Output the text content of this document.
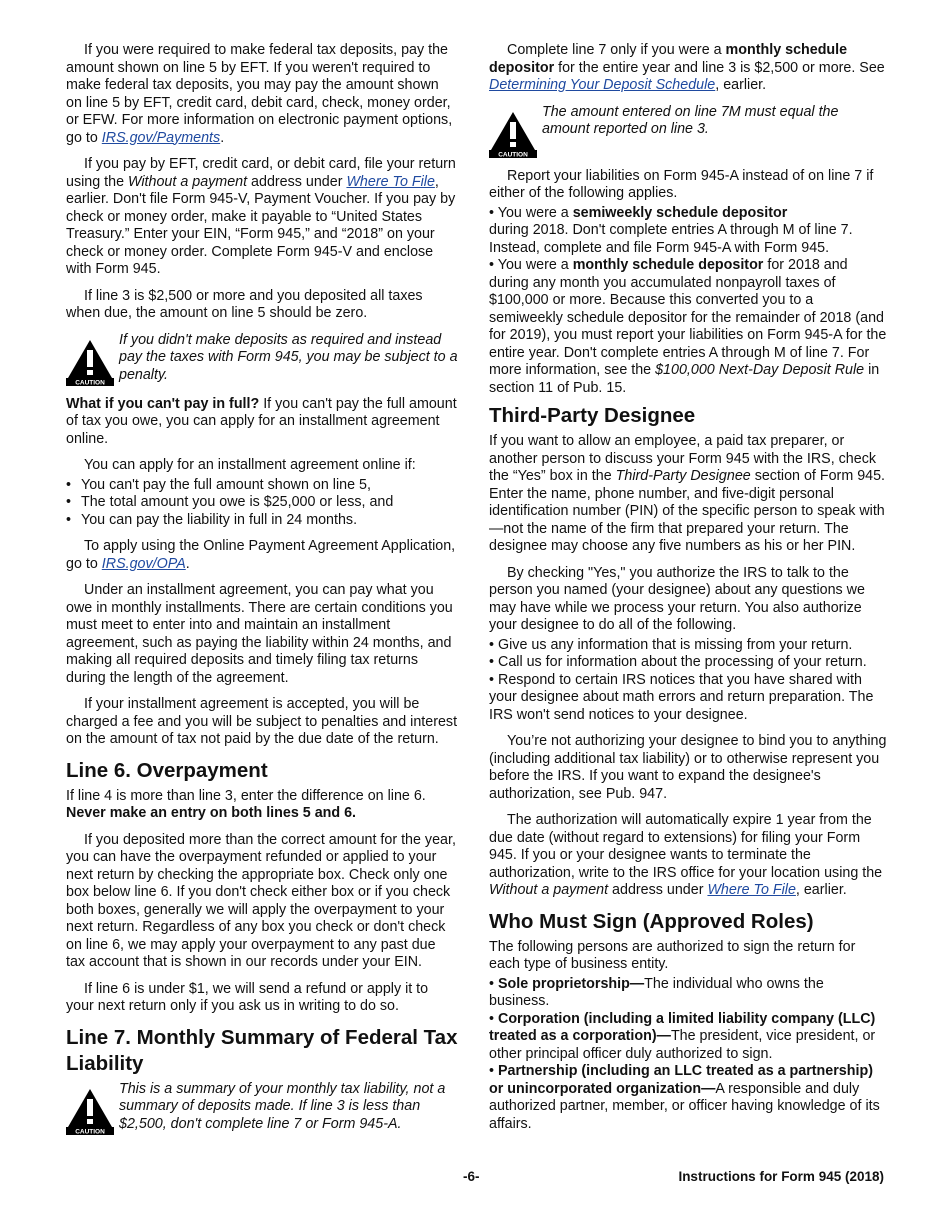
If you were required to make federal tax deposits, pay the amount shown on line 5 by EFT. If you weren't required to make federal tax deposits, you may pay the amount shown on line 5 by EFT, credit card, debit card, check, money order, or EFW. For more information on electronic payment options, go to IRS.gov/Payments.

If you pay by EFT, credit card, or debit card, file your return using the Without a payment address under Where To File, earlier. Don't file Form 945-V, Payment Voucher. If you pay by check or money order, make it payable to “United States Treasury.” Enter your EIN, “Form 945,” and “2018” on your check or money order. Complete Form 945-V and enclose with Form 945.

If line 3 is $2,500 or more and you deposited all taxes when due, the amount on line 5 should be zero.

CAUTION
If you didn't make deposits as required and instead pay the taxes with Form 945, you may be subject to a penalty.

What if you can't pay in full? If you can't pay the full amount of tax you owe, you can apply for an installment agreement online.

You can apply for an installment agreement online if:

• You can't pay the full amount shown on line 5,
• The total amount you owe is $25,000 or less, and
• You can pay the liability in full in 24 months.

To apply using the Online Payment Agreement Application, go to IRS.gov/OPA.

Under an installment agreement, you can pay what you owe in monthly installments. There are certain conditions you must meet to enter into and maintain an installment agreement, such as paying the liability within 24 months, and making all required deposits and timely filing tax returns during the length of the agreement.

If your installment agreement is accepted, you will be charged a fee and you will be subject to penalties and interest on the amount of tax not paid by the due date of the return.

Line 6. Overpayment

If line 4 is more than line 3, enter the difference on line 6.
Never make an entry on both lines 5 and 6.

If you deposited more than the correct amount for the year, you can have the overpayment refunded or applied to your next return by checking the appropriate box. Check only one box below line 6. If you don't check either box or if you check both boxes, generally we will apply the overpayment to your next return. Regardless of any box you check or don't check on line 6, we may apply your overpayment to any past due tax account that is shown in our records under your EIN.

If line 6 is under $1, we will send a refund or apply it to your next return only if you ask us in writing to do so.

Line 7. Monthly Summary of Federal Tax Liability
CAUTION
This is a summary of your monthly tax liability, not a summary of deposits made. If line 3 is less than $2,500, don't complete line 7 or Form 945-A.

Complete line 7 only if you were a monthly schedule depositor for the entire year and line 3 is $2,500 or more. See Determining Your Deposit Schedule, earlier.

CAUTION
The amount entered on line 7M must equal the amount reported on line 3.

Report your liabilities on Form 945-A instead of on line 7 if either of the following applies.

• You were a semiweekly schedule depositor
during 2018. Don't complete entries A through M of line 7. Instead, complete and file Form 945-A with Form 945.
• You were a monthly schedule depositor for 2018 and during any month you accumulated nonpayroll taxes of $100,000 or more. Because this converted you to a semiweekly schedule depositor for the remainder of 2018 (and for 2019), you must report your liabilities on Form 945-A for the entire year. Don't complete entries A through M of line 7. For more information, see the $100,000 Next-Day Deposit Rule in section 11 of Pub. 15.
Third-Party Designee

If you want to allow an employee, a paid tax preparer, or another person to discuss your Form 945 with the IRS, check the “Yes” box in the Third-Party Designee section of Form 945. Enter the name, phone number, and five-digit personal identification number (PIN) of the specific person to speak with—not the name of the firm that prepared your return. The designee may choose any five numbers as his or her PIN.

By checking "Yes," you authorize the IRS to talk to the person you named (your designee) about any questions we may have while we process your return. You also authorize your designee to do all of the following.

• Give us any information that is missing from your return.
• Call us for information about the processing of your return.
• Respond to certain IRS notices that you have shared with your designee about math errors and return preparation. The IRS won't send notices to your designee.

You’re not authorizing your designee to bind you to anything (including additional tax liability) or to otherwise represent you before the IRS. If you want to expand the designee's authorization, see Pub. 947.

The authorization will automatically expire 1 year from the due date (without regard to extensions) for filing your Form 945. If you or your designee wants to terminate the authorization, write to the IRS office for your location using the Without a payment address under Where To File, earlier.

Who Must Sign (Approved Roles)

The following persons are authorized to sign the return for each type of business entity.

• Sole proprietorship—The individual who owns the business.
• Corporation (including a limited liability company (LLC) treated as a corporation)—The president, vice president, or other principal officer duly authorized to sign.
• Partnership (including an LLC treated as a partnership) or unincorporated organization—A responsible and duly authorized partner, member, or officer having knowledge of its affairs.
-6-	Instructions for Form 945 (2018)
